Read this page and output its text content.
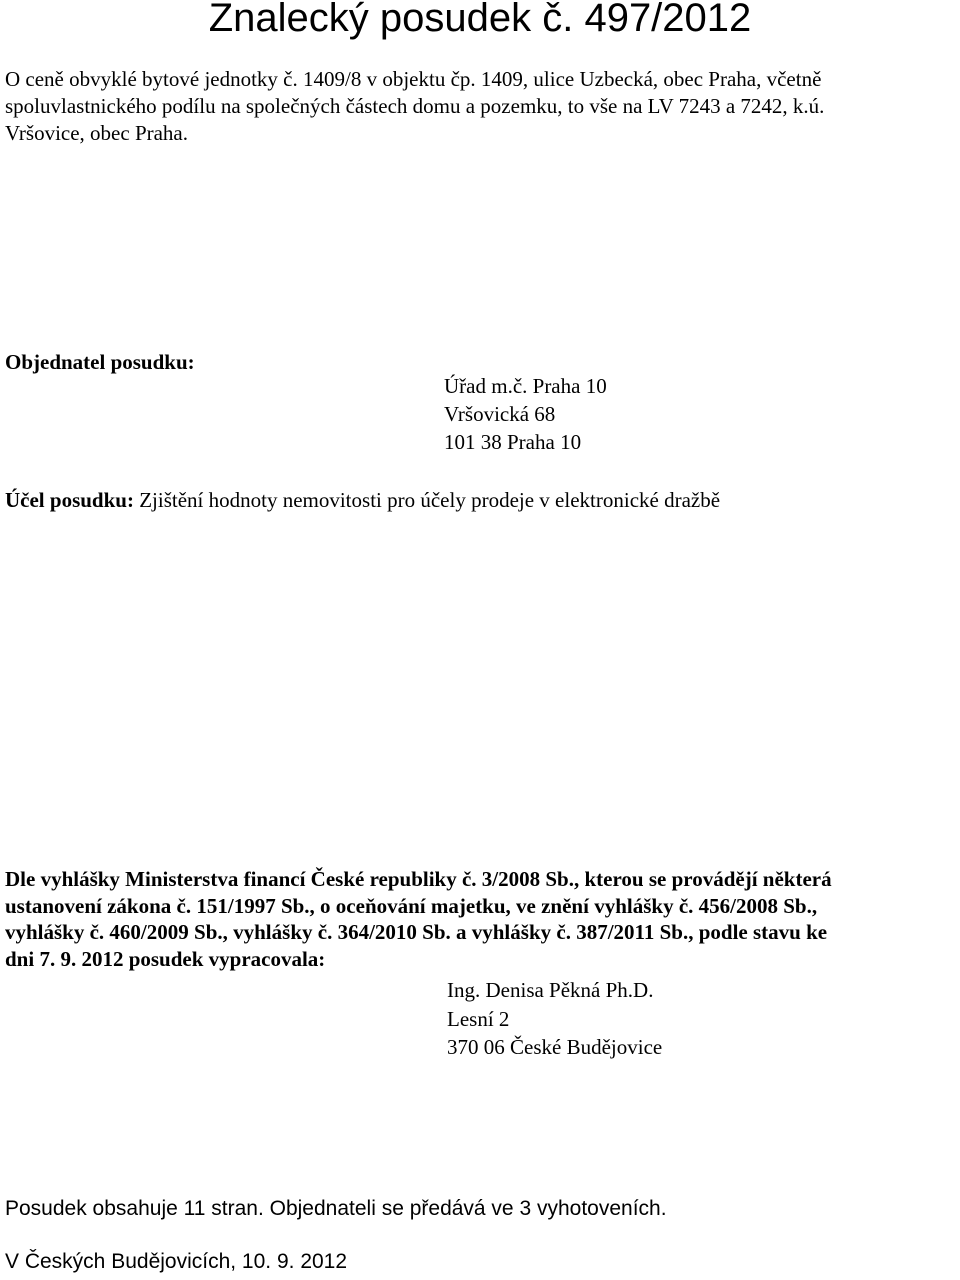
Znalecký posudek č. 497/2012
O ceně obvyklé bytové jednotky č. 1409/8 v objektu čp. 1409, ulice Uzbecká, obec Praha, včetně
spoluvlastnického podílu na společných částech domu a pozemku, to vše na LV 7243 a 7242, k.ú.
Vršovice, obec Praha.
Objednatel posudku:
Úřad m.č. Praha 10
Vršovická 68
101 38 Praha 10
Účel posudku: Zjištění hodnoty nemovitosti pro účely prodeje v elektronické dražbě
Dle vyhlášky Ministerstva financí České republiky č. 3/2008 Sb., kterou se provádějí některá
ustanovení zákona č. 151/1997 Sb., o oceňování majetku, ve znění vyhlášky č. 456/2008 Sb.,
vyhlášky č. 460/2009 Sb., vyhlášky č. 364/2010 Sb. a vyhlášky č. 387/2011 Sb., podle stavu ke
dni 7. 9. 2012 posudek vypracovala:
Ing. Denisa Pěkná Ph.D.
Lesní 2
370 06 České Budějovice
Posudek obsahuje 11 stran. Objednateli se předává ve 3 vyhotoveních.
V Českých Budějovicích, 10. 9. 2012
